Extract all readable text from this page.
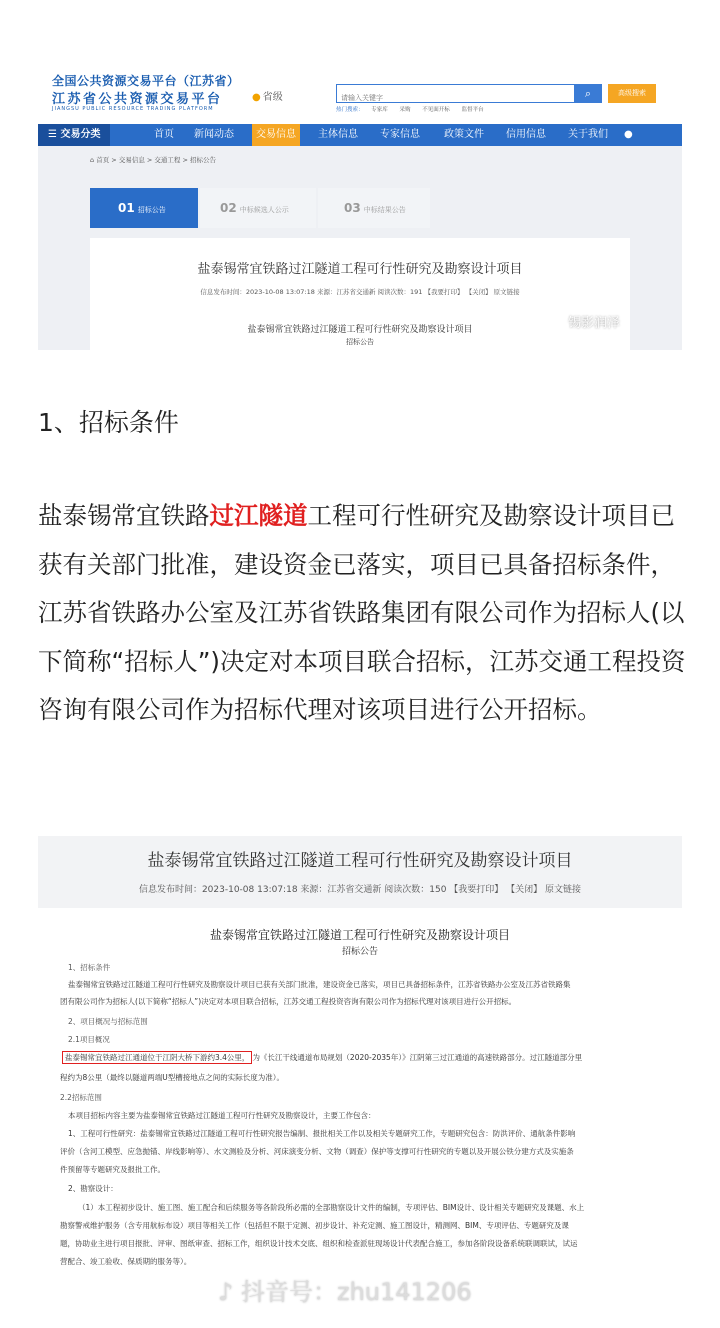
全国公共资源交易平台（江苏省）
江苏省公共资源交易平台
JIANGSU PUBLIC RESOURCE TRADING PLATFORM
● 省级
请输入关键字	⌕	高级搜索
热门搜索： 专家库 采购 不见面开标 监督平台
☰ 交易分类	首页	新闻动态	交易信息	主体信息	专家信息	政策文件	信用信息	关于我们	●
⌂ 首页 > 交易信息 > 交通工程 > 招标公告
01 招标公告	02 中标候选人公示	03 中标结果公告
盐泰锡常宜铁路过江隧道工程可行性研究及勘察设计项目
信息发布时间：2023-10-08 13:07:18 来源：江苏省交通新 阅读次数：191 【我要打印】 【关闭】 原文链接
盐泰锡常宜铁路过江隧道工程可行性研究及勘察设计项目
招标公告
锡影润泽
1、招标条件
盐泰锡常宜铁路过江隧道工程可行性研究及勘察设计项目已获有关部门批准，建设资金已落实，项目已具备招标条件，江苏省铁路办公室及江苏省铁路集团有限公司作为招标人(以下简称“招标人”)决定对本项目联合招标，江苏交通工程投资咨询有限公司作为招标代理对该项目进行公开招标。
盐泰锡常宜铁路过江隧道工程可行性研究及勘察设计项目
信息发布时间：2023-10-08 13:07:18 来源：江苏省交通新 阅读次数：150 【我要打印】 【关闭】 原文链接
盐泰锡常宜铁路过江隧道工程可行性研究及勘察设计项目
招标公告
1、招标条件
盐泰锡常宜铁路过江隧道工程可行性研究及勘察设计项目已获有关部门批准，建设资金已落实，项目已具备招标条件，江苏省铁路办公室及江苏省铁路集
团有限公司作为招标人(以下简称“招标人”)决定对本项目联合招标，江苏交通工程投资咨询有限公司作为招标代理对该项目进行公开招标。
2、项目概况与招标范围
2.1项目概况
盐泰锡常宜铁路过江通道位于江阴大桥下游约3.4公里， 为《长江干线通道布局规划（2020-2035年）》江阴第三过江通道的高速铁路部分。过江隧道部分里
程约为8公里（最终以隧道两端U型槽接地点之间的实际长度为准）。
2.2招标范围
本项目招标内容主要为盐泰锡常宜铁路过江隧道工程可行性研究及勘察设计，主要工作包含：
1、工程可行性研究：盐泰锡常宜铁路过江隧道工程可行性研究报告编制、报批相关工作以及相关专题研究工作，专题研究包含：防洪评价、通航条件影响
评价（含河工模型、应急抛锚、岸线影响等）、水文测验及分析、河床演变分析、文物（调查）保护等支撑可行性研究的专题以及开展公铁分建方式及实施条
件预留等专题研究及报批工作。
2、勘察设计：
（1）本工程初步设计、施工图、施工配合和后续服务等各阶段所必需的全部勘察设计文件的编制，专项评估、BIM设计、设计相关专题研究及课题、水上
勘察警戒维护服务（含专用航标布设）项目等相关工作（包括但不限于定测、初步设计、补充定测、施工图设计，精测网、BIM、专项评估、专题研究及课
题，协助业主进行项目报批、评审、图纸审查、招标工作，组织设计技术交底、组织和检查派驻现场设计代表配合施工，参加各阶段设备系统联调联试，试运
营配合、竣工验收、保质期的服务等）。
♪ 抖音号：zhu141206
